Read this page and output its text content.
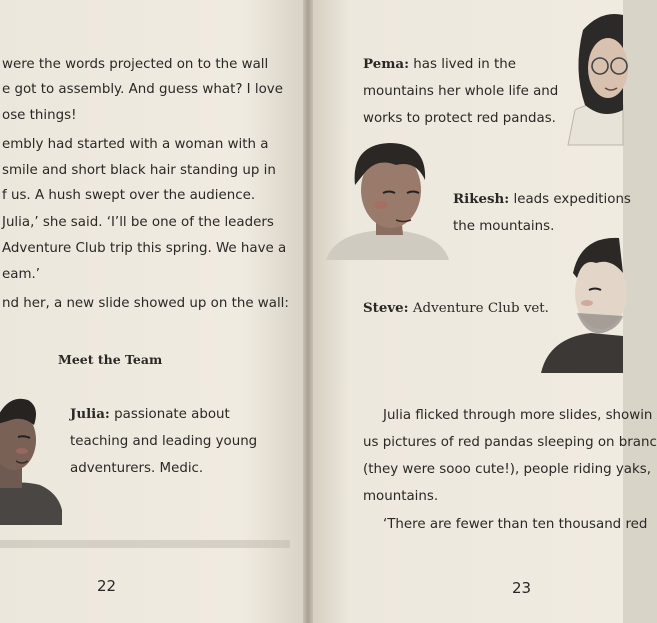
were the words projected on to the wall
e got to assembly. And guess what? I love
ose things!
embly had started with a woman with a
smile and short black hair standing up in
f us. A hush swept over the audience.
Julia,’ she said. ‘I’ll be one of the leaders
Adventure Club trip this spring. We have a
eam.’
nd her, a new slide showed up on the wall:
Meet the Team
Julia: passionate about
teaching and leading young
adventurers. Medic.
22
Pema: has lived in the
mountains her whole life and
works to protect red pandas.
Rikesh: leads expeditions
the mountains.
Steve: Adventure Club vet.
Julia flicked through more slides, showin
us pictures of red pandas sleeping on branc
(they were sooo cute!), people riding yaks,
mountains.
‘There are fewer than ten thousand red
23
